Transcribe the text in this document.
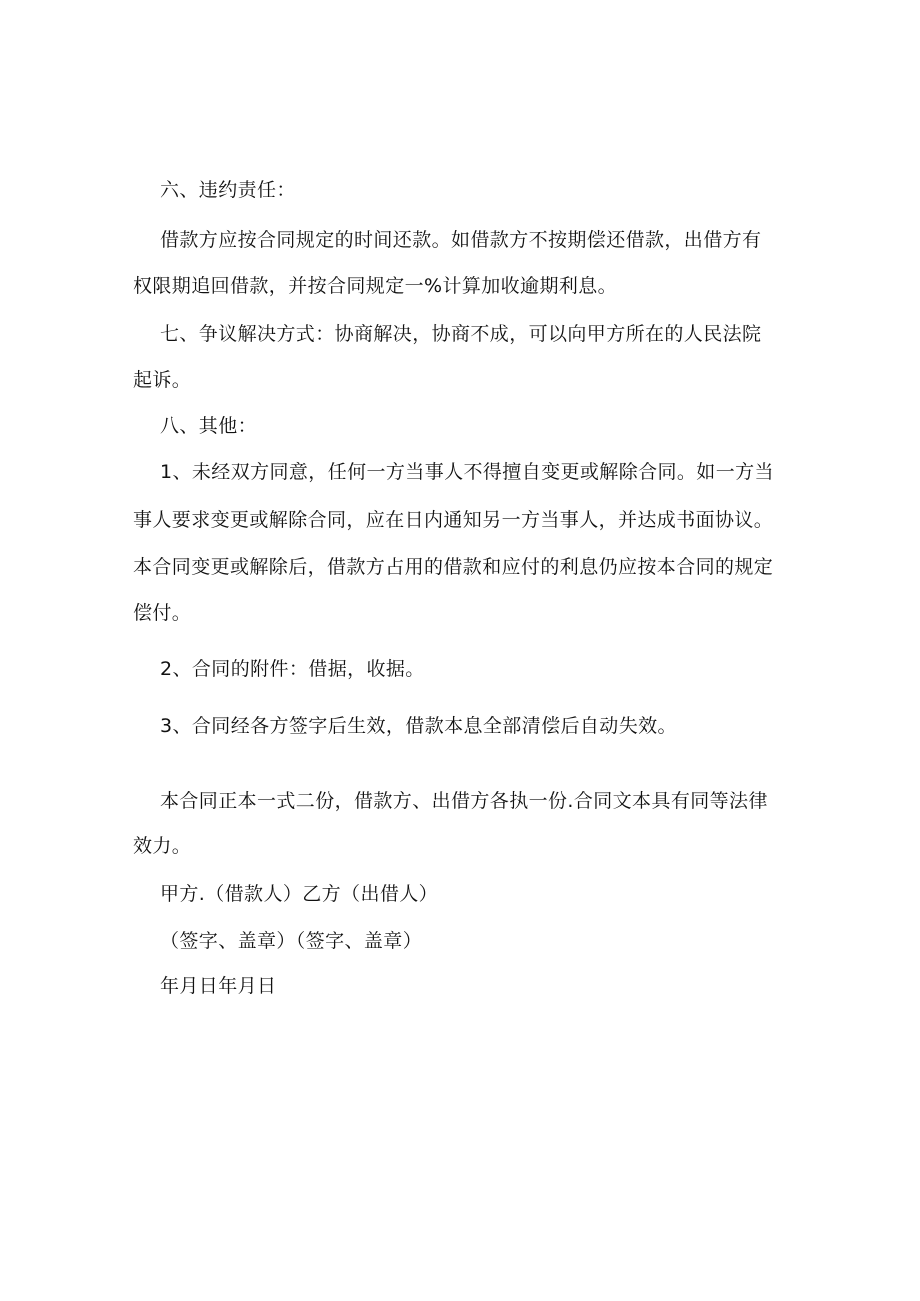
六、违约责任：
借款方应按合同规定的时间还款。如借款方不按期偿还借款，出借方有
权限期追回借款，并按合同规定一%计算加收逾期利息。
七、争议解决方式：协商解决，协商不成，可以向甲方所在的人民法院
起诉。
八、其他：
1、未经双方同意，任何一方当事人不得擅自变更或解除合同。如一方当
事人要求变更或解除合同，应在日内通知另一方当事人，并达成书面协议。
本合同变更或解除后，借款方占用的借款和应付的利息仍应按本合同的规定
偿付。
2、合同的附件：借据，收据。
3、合同经各方签字后生效，借款本息全部清偿后自动失效。
本合同正本一式二份，借款方、出借方各执一份.合同文本具有同等法律
效力。
甲方.（借款人）乙方（出借人）
（签字、盖章）（签字、盖章）
年月日年月日
